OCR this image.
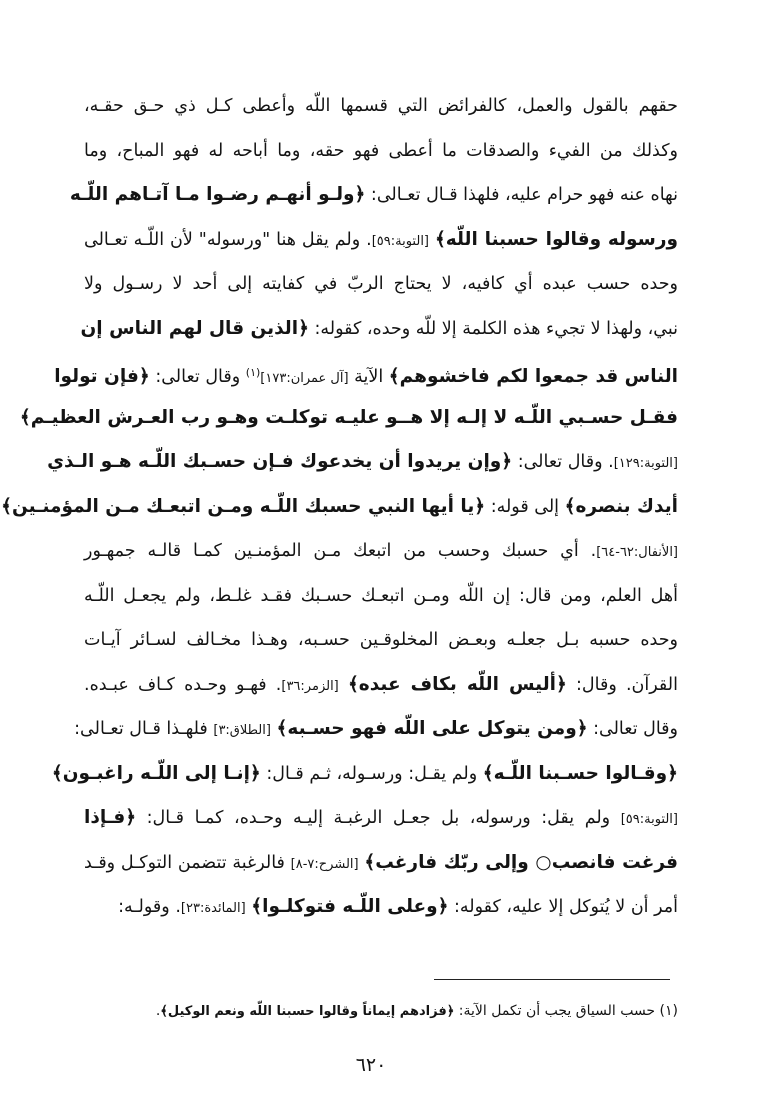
حقهم بالقول والعمل، كالفرائض التي قسمها اللّه وأعطى كـل ذي حـق حقـه،
وكذلك من الفيء والصدقات ما أعطى فهو حقه، وما أباحه له فهو المباح، وما
نهاه عنه فهو حرام عليه، فلهذا قـال تعـالى: ﴿ولـو أنهـم رضـوا مـا آتـاهم اللّـه
ورسوله وقالوا حسبنا اللّه﴾ [التوبة:٥٩]. ولم يقل هنا "ورسوله" لأن اللّـه تعـالى
وحده حسب عبده أي كافيه، لا يحتاج الربّ في كفايته إلى أحد لا رسـول ولا
نبي، ولهذا لا تجيء هذه الكلمة إلا للّه وحده، كقوله: ﴿الذين قال لهم الناس إن
الناس قد جمعوا لكم فاخشوهم﴾ الآية [آل عمران:١٧٣]$^{(١)}$ وقال تعالى: ﴿فإن تولوا
فقـل حسـبي اللّـه لا إلـه إلا هــو عليـه توكلـت وهـو رب العـرش العظيـم﴾
[التوبة:١٢٩]. وقال تعالى: ﴿وإن يريدوا أن يخدعوك فـإن حسـبك اللّـه هـو الـذي
أيدك بنصره﴾ إلى قوله: ﴿يا أيها النبي حسبك اللّـه ومـن اتبعـك مـن المؤمنـين﴾
[الأنفال:٦٢-٦٤]. أي حسبك وحسب من اتبعك مـن المؤمنـين كمـا قالـه جمهـور
أهل العلم، ومن قال: إن اللّه ومـن اتبعـك حسـبك فقـد غلـط، ولم يجعـل اللّـه
وحده حسبه بـل جعلـه وبعـض المخلوقـين حسـبه، وهـذا مخـالف لسـائر آيـات
القرآن. وقال: ﴿أليس اللّه بكاف عبده﴾ [الزمر:٣٦]. فهـو وحـده كـاف عبـده.
وقال تعالى: ﴿ومن يتوكل على اللّه فهو حسـبه﴾ [الطلاق:٣] فلهـذا قـال تعـالى:
﴿وقـالوا حسـبنا اللّـه﴾ ولم يقـل: ورسـوله، ثـم قـال: ﴿إنـا إلى اللّـه راغبـون﴾
[التوبة:٥٩] ولم يقل: ورسوله، بل جعـل الرغبـة إليـه وحـده، كمـا قـال: ﴿فـإذا
فرغت فانصب○ وإلى ربّك فارغب﴾ [الشرح:٧-٨] فالرغبة تتضمن التوكـل وقـد
أمر أن لا يُتوكل إلا عليه، كقوله: ﴿وعلى اللّـه فتوكلـوا﴾ [المائدة:٢٣]. وقولـه:
(١) حسب السياق يجب أن تكمل الآية: ﴿فزادهم إيماناً وقالوا حسبنا اللّه ونعم الوكيل﴾.
٦٢٠
